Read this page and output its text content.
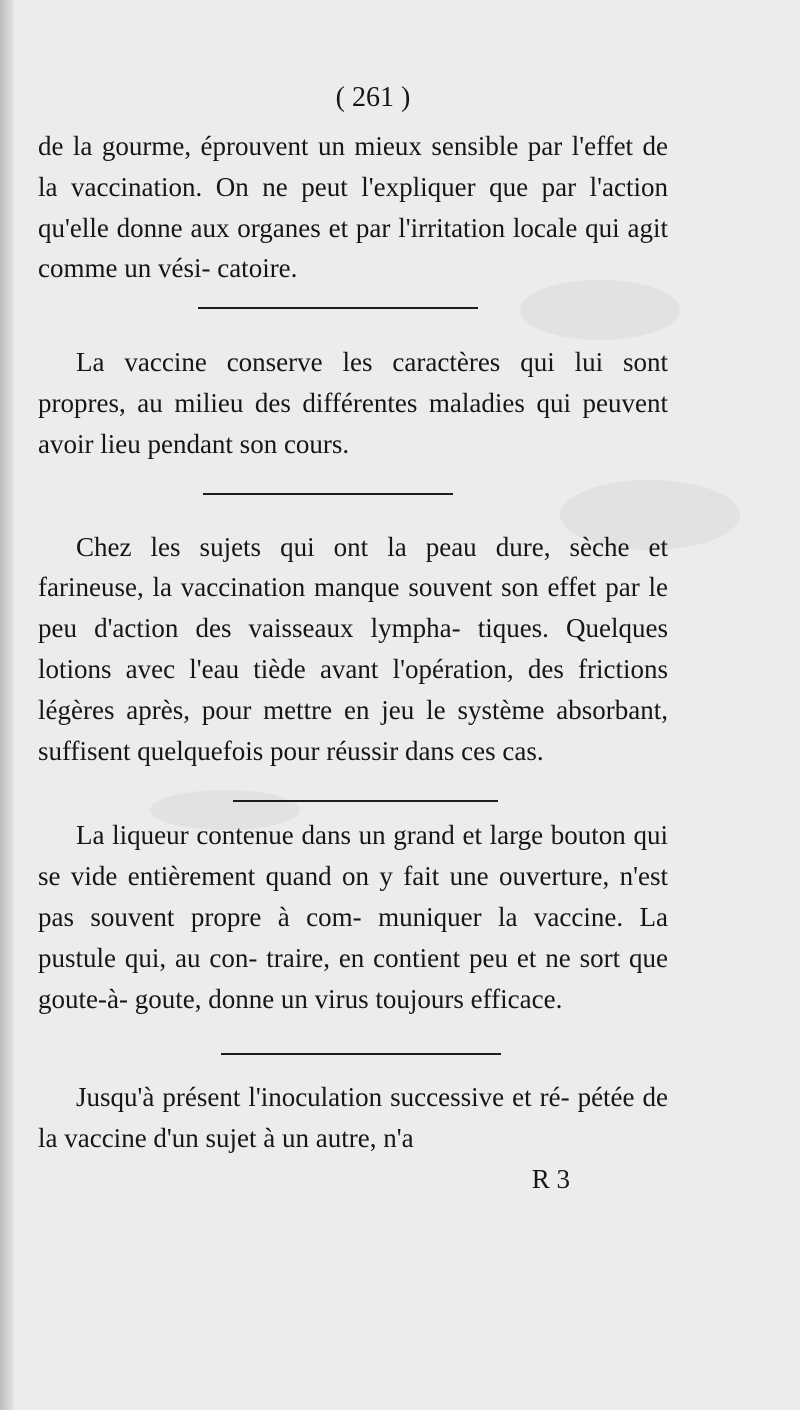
( 261 )

de la gourme, éprouvent un mieux sensible par l'effet de la vaccination. On ne peut l'expliquer que par l'action qu'elle donne aux organes et par l'irritation locale qui agit comme un vési- catoire.

La vaccine conserve les caractères qui lui sont propres, au milieu des différentes maladies qui peuvent avoir lieu pendant son cours.

Chez les sujets qui ont la peau dure, sèche et farineuse, la vaccination manque souvent son effet par le peu d'action des vaisseaux lympha- tiques. Quelques lotions avec l'eau tiède avant l'opération, des frictions légères après, pour mettre en jeu le système absorbant, suffisent quelquefois pour réussir dans ces cas.

La liqueur contenue dans un grand et large bouton qui se vide entièrement quand on y fait une ouverture, n'est pas souvent propre à com- muniquer la vaccine. La pustule qui, au con- traire, en contient peu et ne sort que goute-à- goute, donne un virus toujours efficace.

Jusqu'à présent l'inoculation successive et ré- pétée de la vaccine d'un sujet à un autre, n'a

R 3
